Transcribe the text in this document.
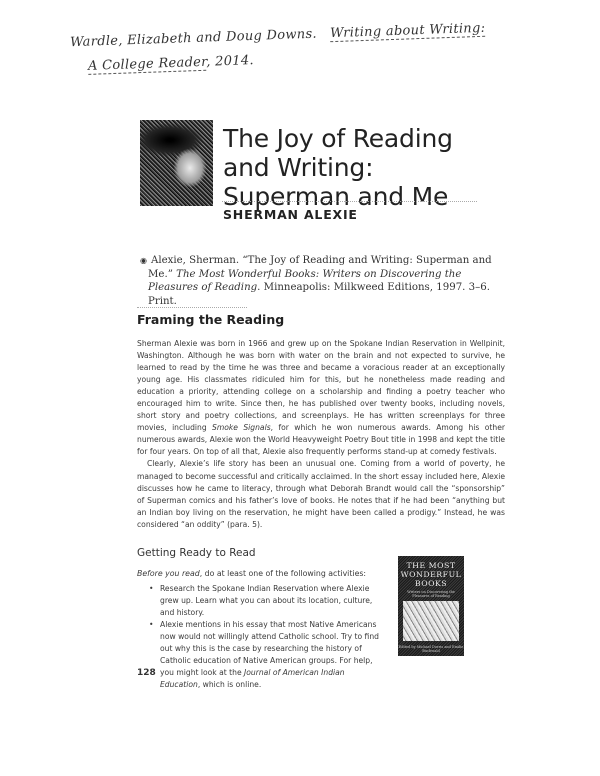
Wardle, Elizabeth and Doug Downs. Writing about Writing:
A College Reader, 2014.
The Joy of Reading
and Writing:
Superman and Me
SHERMAN ALEXIE
◉ Alexie, Sherman. “The Joy of Reading and Writing: Superman and Me.” The Most Wonderful Books: Writers on Discovering the Pleasures of Reading. Minneapolis: Milkweed Editions, 1997. 3–6. Print.
Framing the Reading

Sherman Alexie was born in 1966 and grew up on the Spokane Indian Reservation in Wellpinit, Washington. Although he was born with water on the brain and not expected to survive, he learned to read by the time he was three and became a voracious reader at an exceptionally young age. His classmates ridiculed him for this, but he nonetheless made reading and education a priority, attending college on a scholarship and finding a poetry teacher who encouraged him to write. Since then, he has published over twenty books, including novels, short story and poetry collections, and screenplays. He has written screenplays for three movies, including Smoke Signals, for which he won numerous awards. Among his other numerous awards, Alexie won the World Heavyweight Poetry Bout title in 1998 and kept the title for four years. On top of all that, Alexie also frequently performs stand-up at comedy festivals.

Clearly, Alexie’s life story has been an unusual one. Coming from a world of poverty, he managed to become successful and critically acclaimed. In the short essay included here, Alexie discusses how he came to literacy, through what Deborah Brandt would call the “sponsorship” of Superman comics and his father’s love of books. He notes that if he had been “anything but an Indian boy living on the reservation, he might have been called a prodigy.” Instead, he was considered “an oddity” (para. 5).

Getting Ready to Read
Before you read, do at least one of the following activities:
• Research the Spokane Indian Reservation where Alexie grew up. Learn what you can about its location, culture, and history.
• Alexie mentions in his essay that most Native Americans now would not willingly attend Catholic school. Try to find out why this is the case by researching the history of Catholic education of Native American groups. For help, you might look at the Journal of American Indian Education, which is online.
THE MOST
WONDERFUL
BOOKS
Writers on Discovering the Pleasures of Reading
Edited by Michael Dorris and Emilie Buchwald
128
